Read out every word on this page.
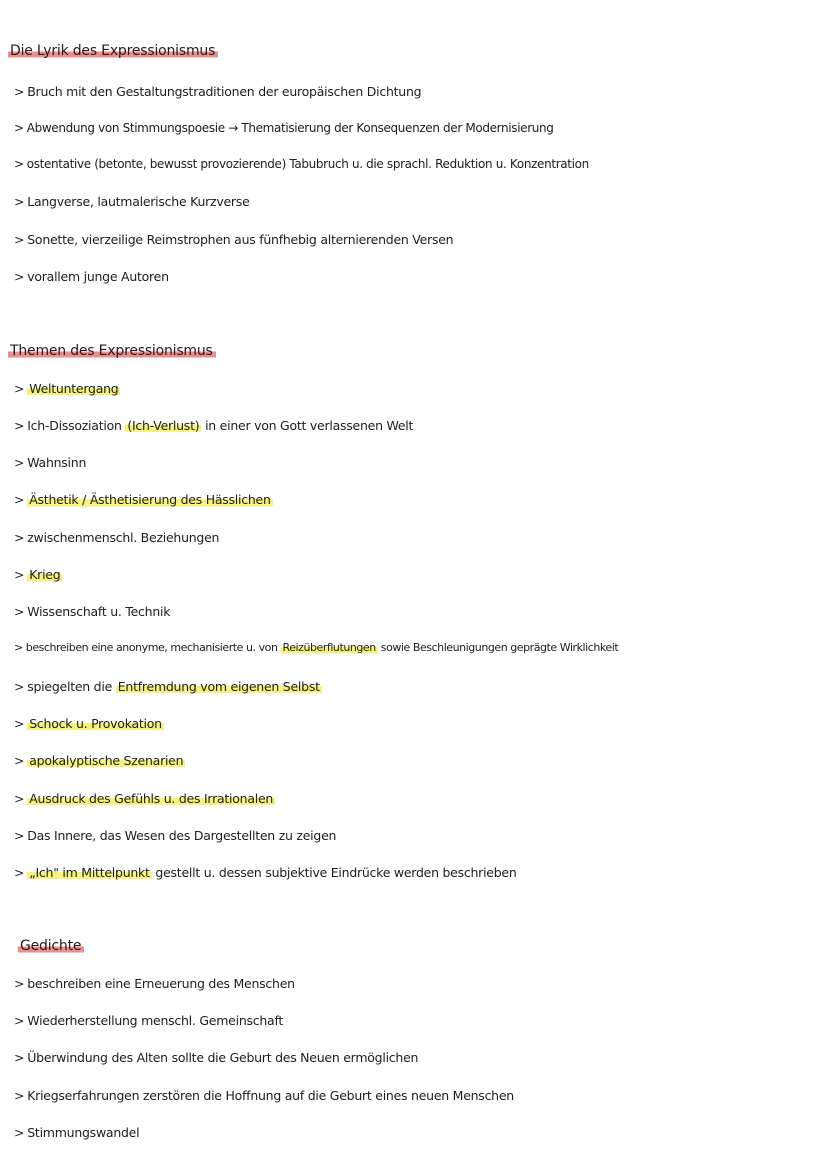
Die Lyrik des Expressionismus
> Bruch mit den Gestaltungstraditionen der europäischen Dichtung
> Abwendung von Stimmungspoesie → Thematisierung der Konsequenzen der Modernisierung
> ostentative (betonte, bewusst provozierende) Tabubruch u. die sprachl. Reduktion u. Konzentration
> Langverse, lautmalerische Kurzverse
> Sonette, vierzeilige Reimstrophen aus fünfhebig alternierenden Versen
> vorallem junge Autoren
Themen des Expressionismus
> Weltuntergang
> Ich-Dissoziation (Ich-Verlust) in einer von Gott verlassenen Welt
> Wahnsinn
> Ästhetik / Ästhetisierung des Hässlichen
> zwischenmenschl. Beziehungen
> Krieg
> Wissenschaft u. Technik
> beschreiben eine anonyme, mechanisierte u. von Reizüberflutungen sowie Beschleunigungen geprägte Wirklichkeit
> spiegelten die Entfremdung vom eigenen Selbst
> Schock u. Provokation
> apokalyptische Szenarien
> Ausdruck des Gefühls u. des Irrationalen
> Das Innere, das Wesen des Dargestellten zu zeigen
> „Ich" im Mittelpunkt gestellt u. dessen subjektive Eindrücke werden beschrieben
Gedichte
> beschreiben eine Erneuerung des Menschen
> Wiederherstellung menschl. Gemeinschaft
> Überwindung des Alten sollte die Geburt des Neuen ermöglichen
> Kriegserfahrungen zerstören die Hoffnung auf die Geburt eines neuen Menschen
> Stimmungswandel
